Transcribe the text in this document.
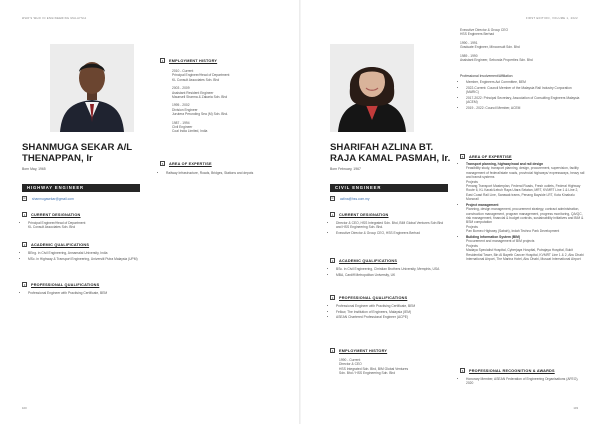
WHO'S WHO IN ENGINEERING MALAYSIA
SHANMUGA SEKAR A/L
THENAPPAN, Ir
Born May, 1965
HIGHWAY ENGINEER
✉	shanmugasekar@gmail.com
1	CURRENT DESIGNATION
• Principal Engineer/Head of Department
KL Consult Associates Sdn. Bhd
2	ACADEMIC QUALIFICATIONS
• BEng. in Civil Engineering, Annamalai University, India
• MSc. in Highway & Transport Engineering, Universiti Putra Malaysia (UPM)
3	PROFESSIONAL QUALIFICATIONS
• Professional Engineer with Practising Certificate, BEM
4	EMPLOYMENT HISTORY
2010 - Current
Principal Engineer/Head of Department
KL Consult Associates Sdn. Bhd
2003 - 2009
Assistant Resident Engineer
Maunsell Sharma & Zakaria Sdn. Bhd
1995 - 2002
Division Engineer
Jurutera Perunding Sea (M) Sdn. Bhd.
1987 - 1994
Civil Engineer
Coal India Limited, India
5	AREA OF EXPERTISE
• Railway Infrastructure, Roads, Bridges, Stations and depots
100
FIRST EDITION, VOLUME 1, 2022
SHARIFAH AZLINA BT.
RAJA KAMAL PASMAH, Ir.
Born February, 1967
CIVIL ENGINEER
✉	azlina@hss.com.my
1	CURRENT DESIGNATION
• Director & CEO, HSS Integrated Sdn. Bhd, BIM Global Ventures Sdn Bhd and HSS Engineering Sdn. Bhd.
• Executive Director & Group CEO, HSS Engineers Berhad
2	ACADEMIC QUALIFICATIONS
• BSc. in Civil Engineering, Christian Brothers University, Memphis, USA
• MBA, Cardiff Metropolitan University, UK
3	PROFESSIONAL QUALIFICATIONS
• Professional Engineer with Practising Certificate, BEM
• Fellow, The Institution of Engineers, Malaysia (IEM)
• ASEAN Chartered Professional Engineer (ACPE)
4	EMPLOYMENT HISTORY
1990 - Current
Director & CEO
HSS Integrated Sdn. Bhd, BIM Global Ventures
Sdn. Bhd / HSS Engineering Sdn. Bhd
Executive Director & Group CEO
HSS Engineers Berhad
1990 - 1991
Graduate Engineer, Minconsult Sdn. Bhd
1989 - 1990
Assistant Engineer, Sebonda Properties Sdn. Bhd
Professional Involvement/Affiliation
• Member, Engineers Act Committee, BEM
• 2022-Current: Council Member of the Malaysia Rail Industry Corporation (MARIC)
• 2017-2022: Principal Secretary, Association of Consulting Engineers Malaysia (ACEM)
• 2019 - 2022: Council Member, ACEM
5	AREA OF EXPERTISE
• Transport planning, highway/road and rail design
Feasibility study, transport planning, design, procurement, supervision, facility management of federal/state roads, provincial highways/ expressways, heavy rail and transit systems
Projects
Penang Transport Masterplan, Federal Roads, Fresh outlets, Federal Highway Route 6, KL Karak/Lebuh Raya Utara Selatan, MRT, KVMRT Line 1 & Line 2, East Coast Rail Line, Sarawak trams, Penang Bayside LRT, Kota Kinabalu Monorail
• Project management
Planning, design management, procurement strategy, contract administration, construction management, program management, progress monitoring, QA/QC, risk management, financial & budget controls, sustainability initiatives and BIM & BSM computation
Projects
Pan Borneo Highway (Sabah), Indah Techno Park Development
• Building Information System (BIM)
Procurement and management of BIM projects
Projects
Madaya Specialist Hospital, Cyberjaya Hospital, Putrajaya Hospital, Bukit Residential Tower, Bin Al Bayeth Cancer Hospital, KVMRT Line 1 & 2, Abu Dhabi International Airport, The Marina Hotel, Abu Dhabi, Muscat International Airport
6	PROFESSIONAL RECOGNITION & AWARDS
• Honorary Member, ASEAN Federation of Engineering Organisations (AFEO), 2020
103
